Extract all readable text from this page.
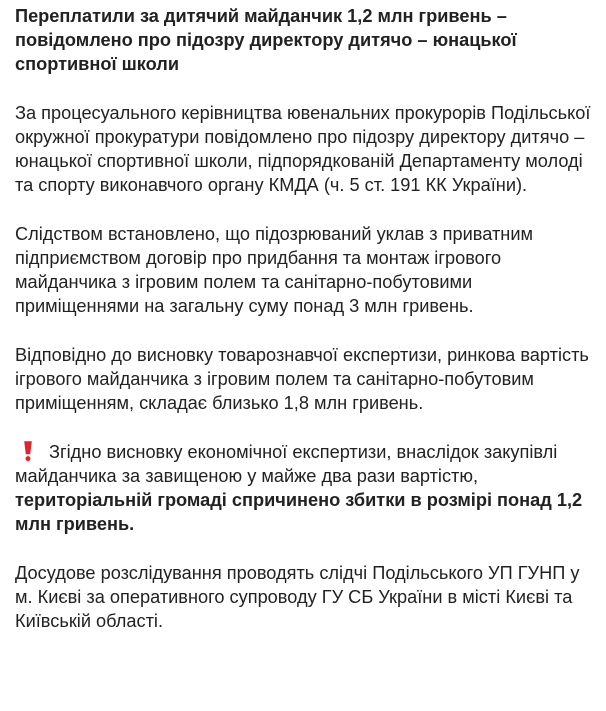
Переплатили за дитячий майданчик 1,2 млн гривень – повідомлено про підозру директору дитячо – юнацької спортивної школи

За процесуального керівництва ювенальних прокурорів Подільської окружної прокуратури повідомлено про підозру директору дитячо – юнацької спортивної школи, підпорядкованій Департаменту молоді та спорту виконавчого органу КМДА (ч. 5 ст. 191 КК України).

Слідством встановлено, що підозрюваний уклав з приватним підприємством договір про придбання та монтаж ігрового майданчика з ігровим полем та санітарно-побутовими приміщеннями на загальну суму понад 3 млн гривень.

Відповідно до висновку товарознавчої експертизи, ринкова вартість ігрового майданчика з ігровим полем та санітарно-побутовим приміщенням, складає близько 1,8 млн гривень.

Згідно висновку економічної експертизи, внаслідок закупівлі майданчика за завищеною у майже два рази вартістю, територіальній громаді спричинено збитки в розмірі понад 1,2 млн гривень.

Досудове розслідування проводять слідчі Подільського УП ГУНП у м. Києві за оперативного супроводу ГУ СБ України в місті Києві та Київській області.
